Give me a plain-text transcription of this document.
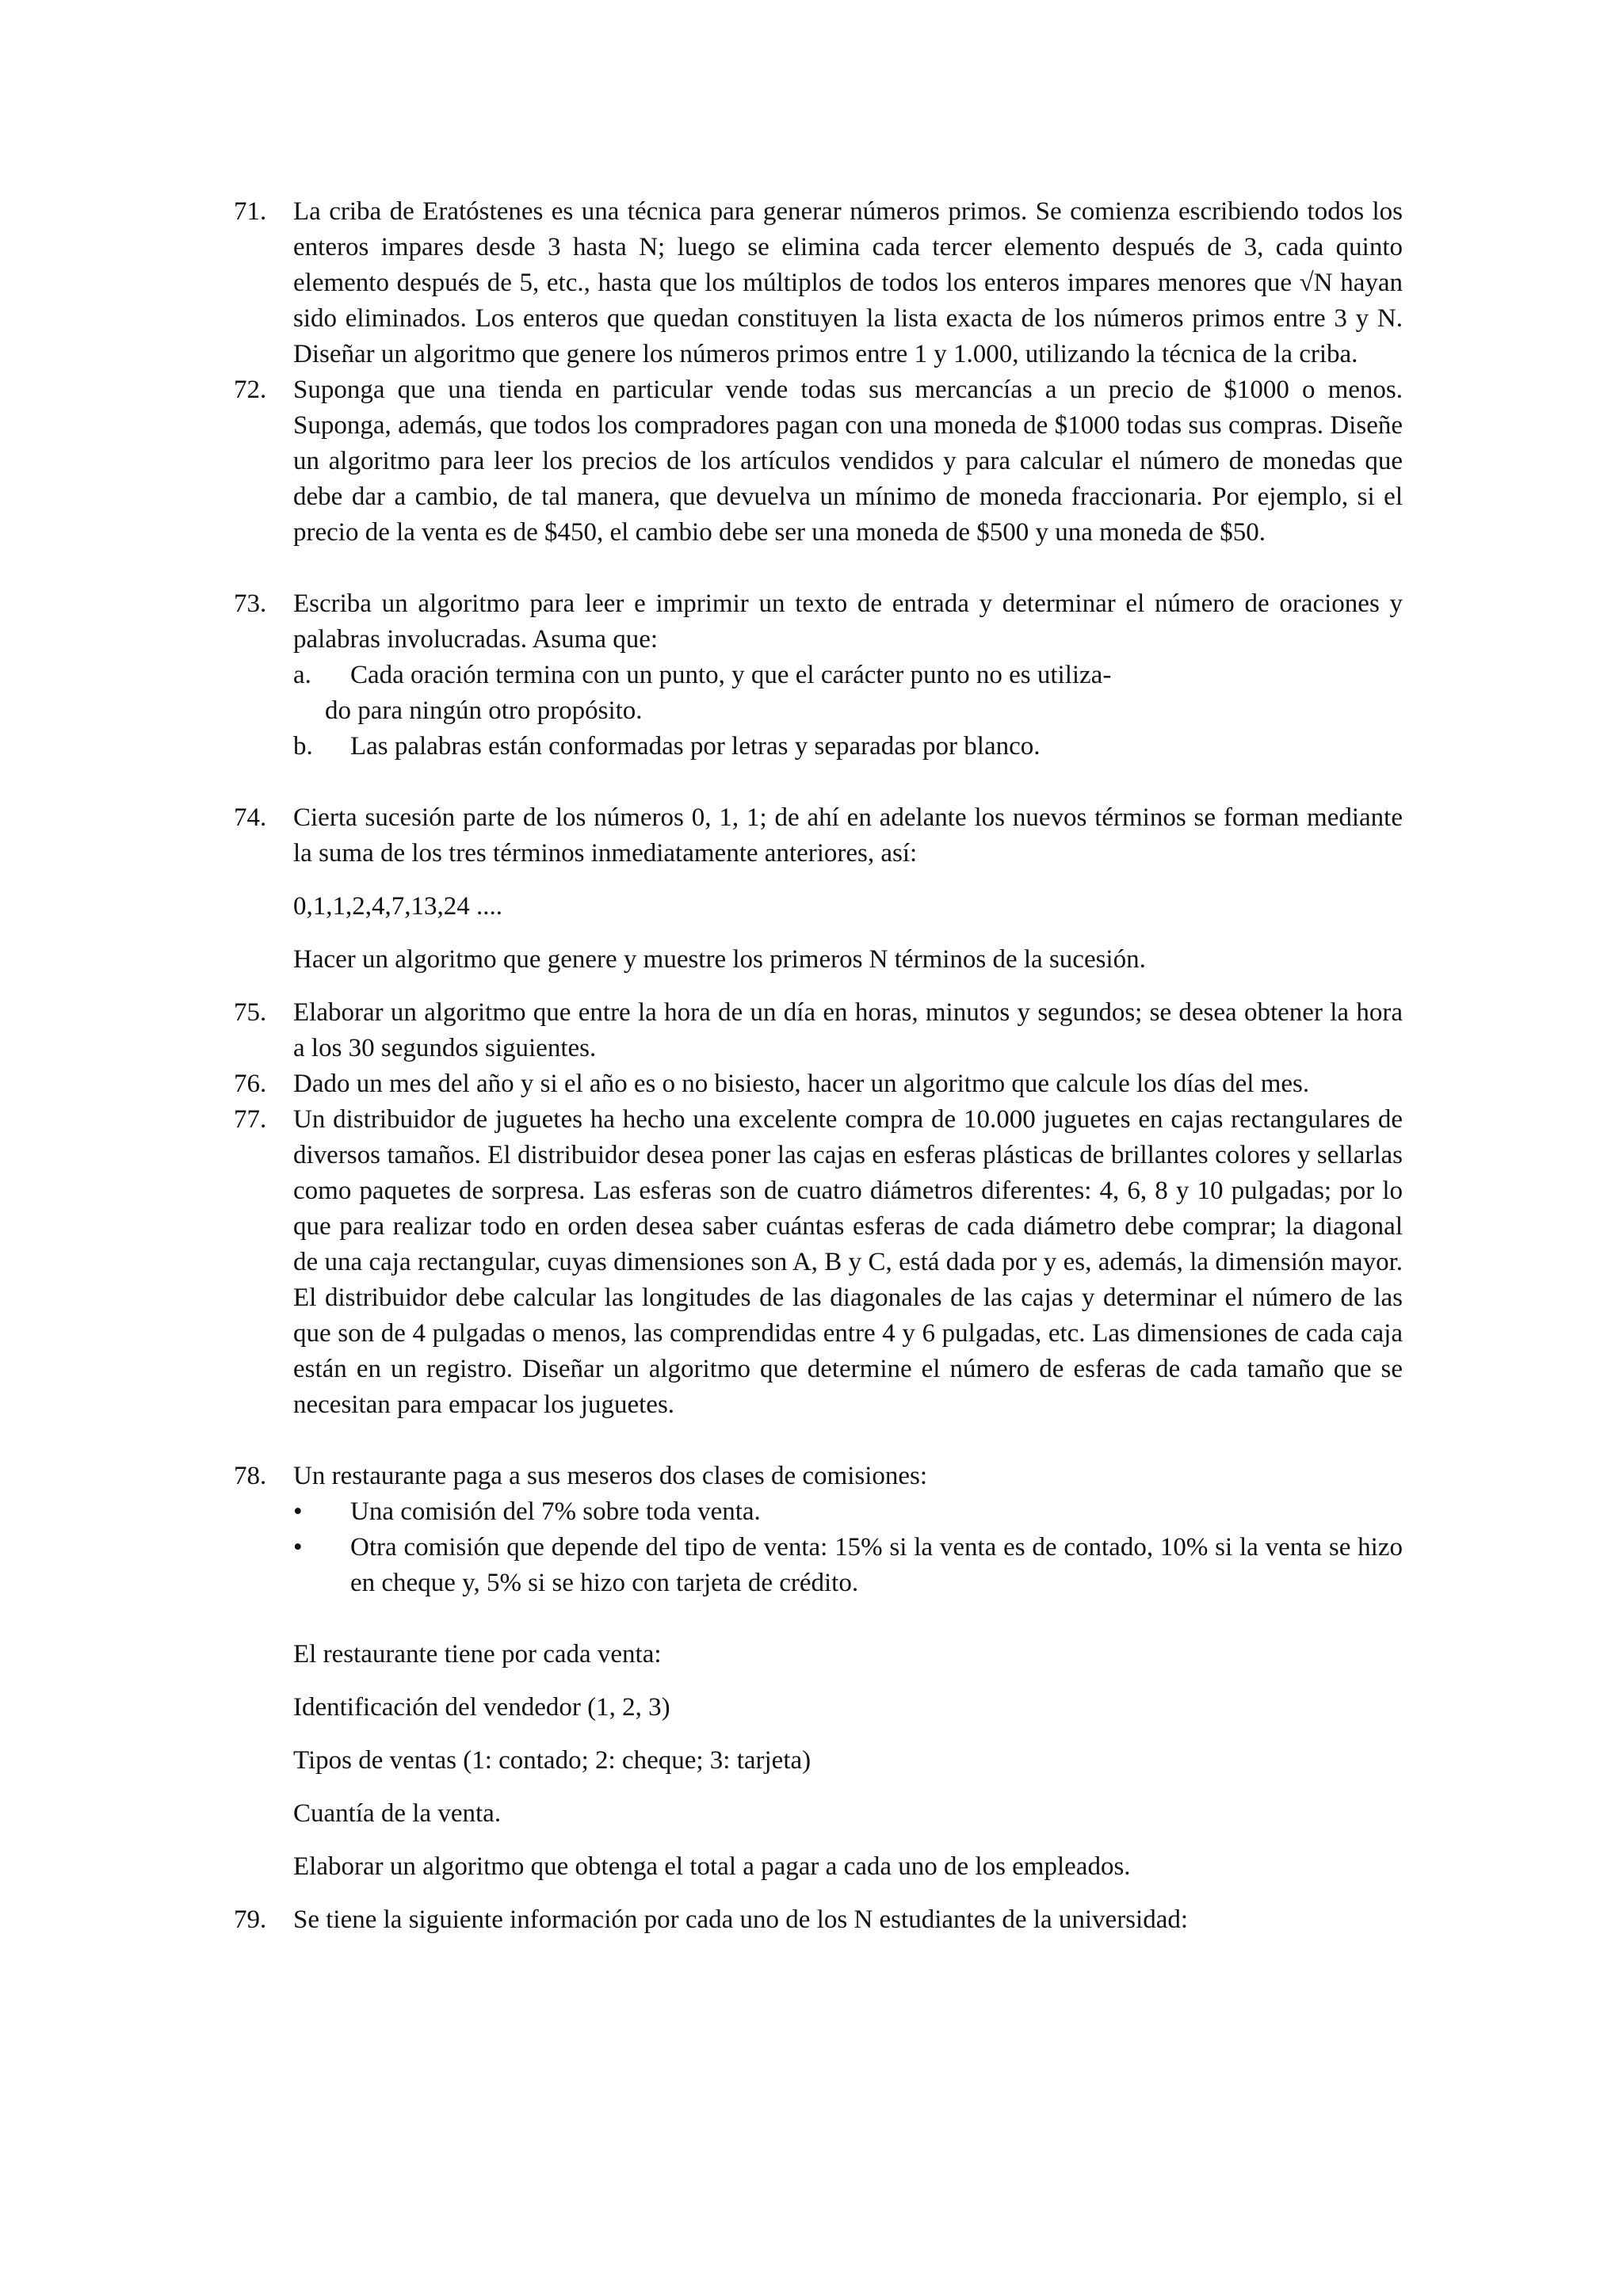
71. La criba de Eratóstenes es una técnica para generar números primos. Se comienza escribiendo todos los enteros impares desde 3 hasta N; luego se elimina cada tercer elemento después de 3, cada quinto elemento después de 5, etc., hasta que los múltiplos de todos los enteros impares menores que √N hayan sido eliminados. Los enteros que quedan constituyen la lista exacta de los números primos entre 3 y N. Diseñar un algoritmo que genere los números primos entre 1 y 1.000, utilizando la técnica de la criba.
72. Suponga que una tienda en particular vende todas sus mercancías a un precio de $1000 o menos. Suponga, además, que todos los compradores pagan con una moneda de $1000 todas sus compras. Diseñe un algoritmo para leer los precios de los artículos vendidos y para calcular el número de monedas que debe dar a cambio, de tal manera, que devuelva un mínimo de moneda fraccionaria. Por ejemplo, si el precio de la venta es de $450, el cambio debe ser una moneda de $500 y una moneda de $50.
73. Escriba un algoritmo para leer e imprimir un texto de entrada y determinar el número de oraciones y palabras involucradas. Asuma que:
a. Cada oración termina con un punto, y que el carácter punto no es utiliza-
do para ningún otro propósito.
b. Las palabras están conformadas por letras y separadas por blanco.
74. Cierta sucesión parte de los números 0, 1, 1; de ahí en adelante los nuevos términos se forman mediante la suma de los tres términos inmediatamente anteriores, así:
0,1,1,2,4,7,13,24 ....
Hacer un algoritmo que genere y muestre los primeros N términos de la sucesión.
75. Elaborar un algoritmo que entre la hora de un día en horas, minutos y segundos; se desea obtener la hora a los 30 segundos siguientes.
76. Dado un mes del año y si el año es o no bisiesto, hacer un algoritmo que calcule los días del mes.
77. Un distribuidor de juguetes ha hecho una excelente compra de 10.000 juguetes en cajas rectangulares de diversos tamaños. El distribuidor desea poner las cajas en esferas plásticas de brillantes colores y sellarlas como paquetes de sorpresa. Las esferas son de cuatro diámetros diferentes: 4, 6, 8 y 10 pulgadas; por lo que para realizar todo en orden desea saber cuántas esferas de cada diámetro debe comprar; la diagonal de una caja rectangular, cuyas dimensiones son A, B y C, está dada por y es, además, la dimensión mayor. El distribuidor debe calcular las longitudes de las diagonales de las cajas y determinar el número de las que son de 4 pulgadas o menos, las comprendidas entre 4 y 6 pulgadas, etc. Las dimensiones de cada caja están en un registro. Diseñar un algoritmo que determine el número de esferas de cada tamaño que se necesitan para empacar los juguetes.
78. Un restaurante paga a sus meseros dos clases de comisiones:
• Una comisión del 7% sobre toda venta.
• Otra comisión que depende del tipo de venta: 15% si la venta es de contado, 10% si la venta se hizo en cheque y, 5% si se hizo con tarjeta de crédito.
El restaurante tiene por cada venta:
Identificación del vendedor (1, 2, 3)
Tipos de ventas (1: contado; 2: cheque; 3: tarjeta)
Cuantía de la venta.
Elaborar un algoritmo que obtenga el total a pagar a cada uno de los empleados.
79. Se tiene la siguiente información por cada uno de los N estudiantes de la universidad:
